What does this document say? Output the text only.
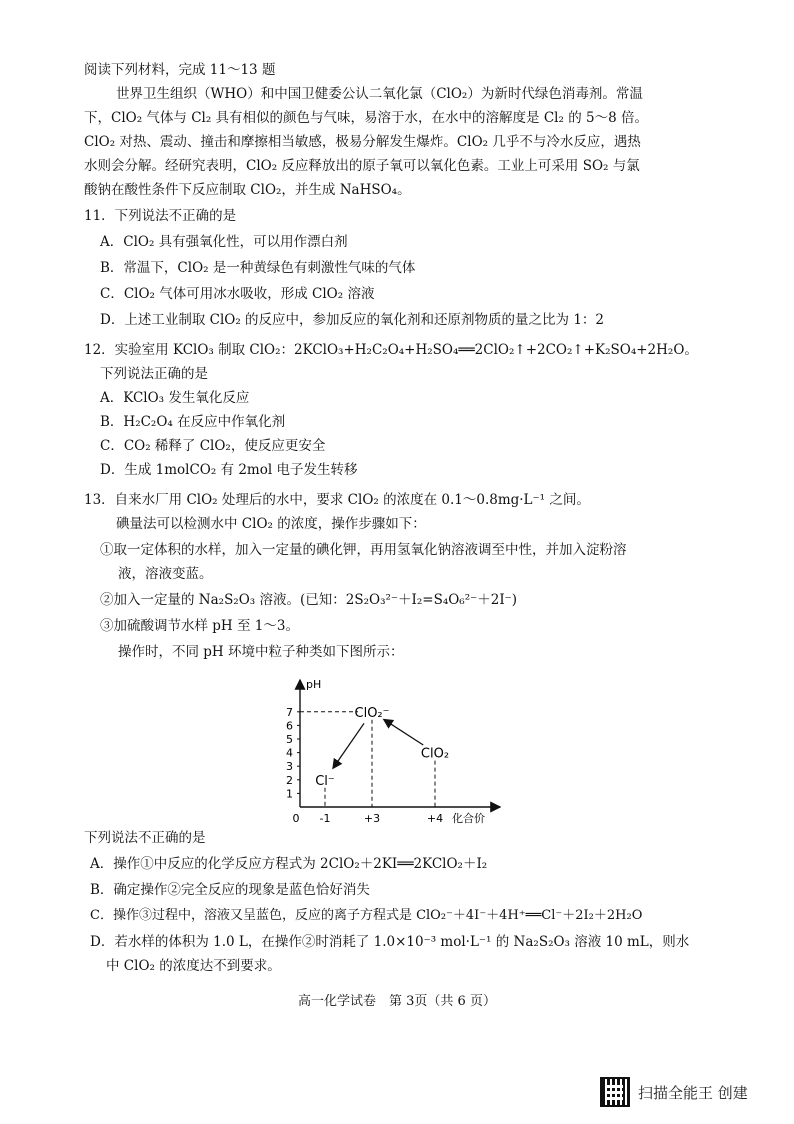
阅读下列材料，完成 11～13 题
世界卫生组织（WHO）和中国卫健委公认二氧化氯（ClO₂）为新时代绿色消毒剂。常温
下，ClO₂ 气体与 Cl₂ 具有相似的颜色与气味，易溶于水，在水中的溶解度是 Cl₂ 的 5～8 倍。
ClO₂ 对热、震动、撞击和摩擦相当敏感，极易分解发生爆炸。ClO₂ 几乎不与冷水反应，遇热
水则会分解。经研究表明，ClO₂ 反应释放出的原子氧可以氧化色素。工业上可采用 SO₂ 与氯
酸钠在酸性条件下反应制取 ClO₂，并生成 NaHSO₄。
11．下列说法不正确的是
A．ClO₂ 具有强氧化性，可以用作漂白剂
B．常温下，ClO₂ 是一种黄绿色有刺激性气味的气体
C．ClO₂ 气体可用冰水吸收，形成 ClO₂ 溶液
D．上述工业制取 ClO₂ 的反应中，参加反应的氧化剂和还原剂物质的量之比为 1：2
12．实验室用 KClO₃ 制取 ClO₂：2KClO₃+H₂C₂O₄+H₂SO₄══2ClO₂↑+2CO₂↑+K₂SO₄+2H₂O。
下列说法正确的是
A．KClO₃ 发生氧化反应
B．H₂C₂O₄ 在反应中作氧化剂
C．CO₂ 稀释了 ClO₂，使反应更安全
D．生成 1molCO₂ 有 2mol 电子发生转移
13．自来水厂用 ClO₂ 处理后的水中，要求 ClO₂ 的浓度在 0.1～0.8mg·L⁻¹ 之间。
碘量法可以检测水中 ClO₂ 的浓度，操作步骤如下：
①取一定体积的水样，加入一定量的碘化钾，再用氢氧化钠溶液调至中性，并加入淀粉溶
液，溶液变蓝。
②加入一定量的 Na₂S₂O₃ 溶液。(已知：2S₂O₃²⁻＋I₂=S₄O₆²⁻＋2I⁻)
③加硫酸调节水样 pH 至 1～3。
操作时，不同 pH 环境中粒子种类如下图所示：
pH
化合价
0
1
2
3
4
5
6
7
-1	+3	+4
Cl⁻
ClO₂⁻
ClO₂
下列说法不正确的是
A．操作①中反应的化学反应方程式为 2ClO₂＋2KI══2KClO₂＋I₂
B．确定操作②完全反应的现象是蓝色恰好消失
C．操作③过程中，溶液又呈蓝色，反应的离子方程式是 ClO₂⁻＋4I⁻＋4H⁺══Cl⁻＋2I₂＋2H₂O
D．若水样的体积为 1.0 L，在操作②时消耗了 1.0×10⁻³ mol·L⁻¹ 的 Na₂S₂O₃ 溶液 10 mL，则水
中 ClO₂ 的浓度达不到要求。
高一化学试卷　第 3页（共 6 页）
扫描全能王 创建
